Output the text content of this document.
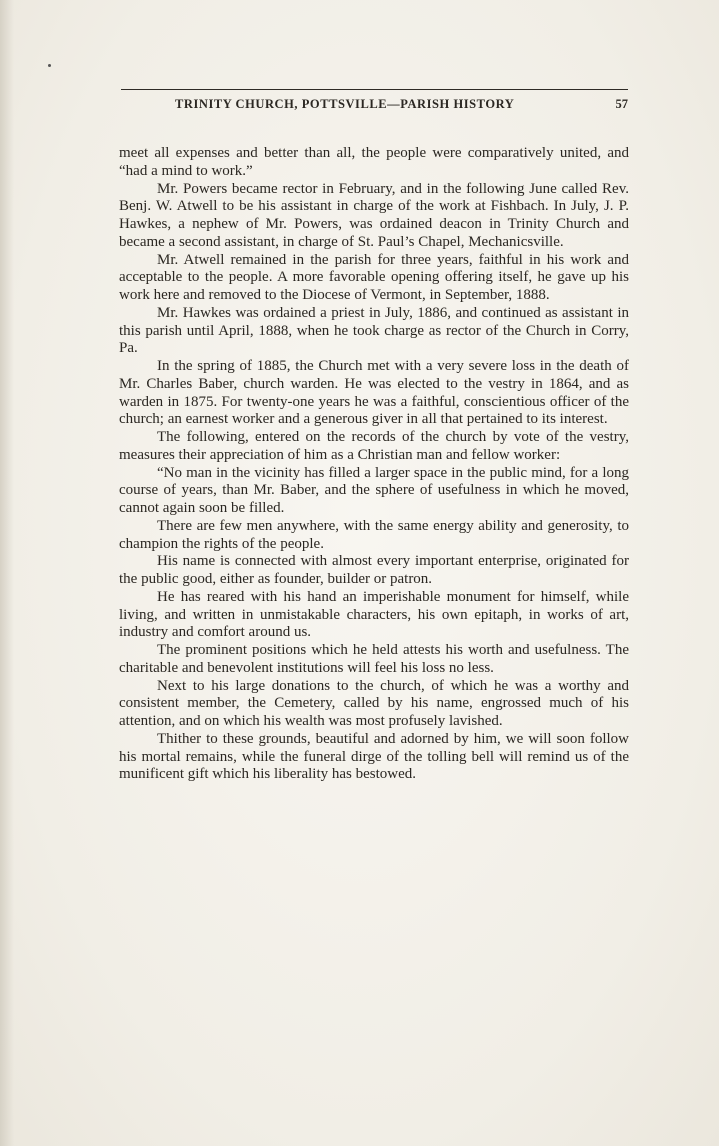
TRINITY CHURCH, POTTSVILLE—PARISH HISTORY	57

meet all expenses and better than all, the people were comparatively united, and “had a mind to work.”

Mr. Powers became rector in February, and in the following June called Rev. Benj. W. Atwell to be his assistant in charge of the work at Fishbach. In July, J. P. Hawkes, a nephew of Mr. Powers, was ordained deacon in Trinity Church and became a second assistant, in charge of St. Paul’s Chapel, Mechanicsville.

Mr. Atwell remained in the parish for three years, faithful in his work and acceptable to the people. A more favorable opening offering itself, he gave up his work here and removed to the Diocese of Vermont, in September, 1888.

Mr. Hawkes was ordained a priest in July, 1886, and continued as assistant in this parish until April, 1888, when he took charge as rector of the Church in Corry, Pa.

In the spring of 1885, the Church met with a very severe loss in the death of Mr. Charles Baber, church warden. He was elected to the vestry in 1864, and as warden in 1875. For twenty-one years he was a faithful, conscientious officer of the church; an earnest worker and a generous giver in all that pertained to its interest.

The following, entered on the records of the church by vote of the vestry, measures their appreciation of him as a Christian man and fellow worker:

“No man in the vicinity has filled a larger space in the public mind, for a long course of years, than Mr. Baber, and the sphere of usefulness in which he moved, cannot again soon be filled.

There are few men anywhere, with the same energy ability and generosity, to champion the rights of the people.

His name is connected with almost every important enterprise, originated for the public good, either as founder, builder or patron.

He has reared with his hand an imperishable monument for himself, while living, and written in unmistakable characters, his own epitaph, in works of art, industry and comfort around us.

The prominent positions which he held attests his worth and usefulness. The charitable and benevolent institutions will feel his loss no less.

Next to his large donations to the church, of which he was a worthy and consistent member, the Cemetery, called by his name, engrossed much of his attention, and on which his wealth was most profusely lavished.

Thither to these grounds, beautiful and adorned by him, we will soon follow his mortal remains, while the funeral dirge of the tolling bell will remind us of the munificent gift which his liberality has bestowed.
